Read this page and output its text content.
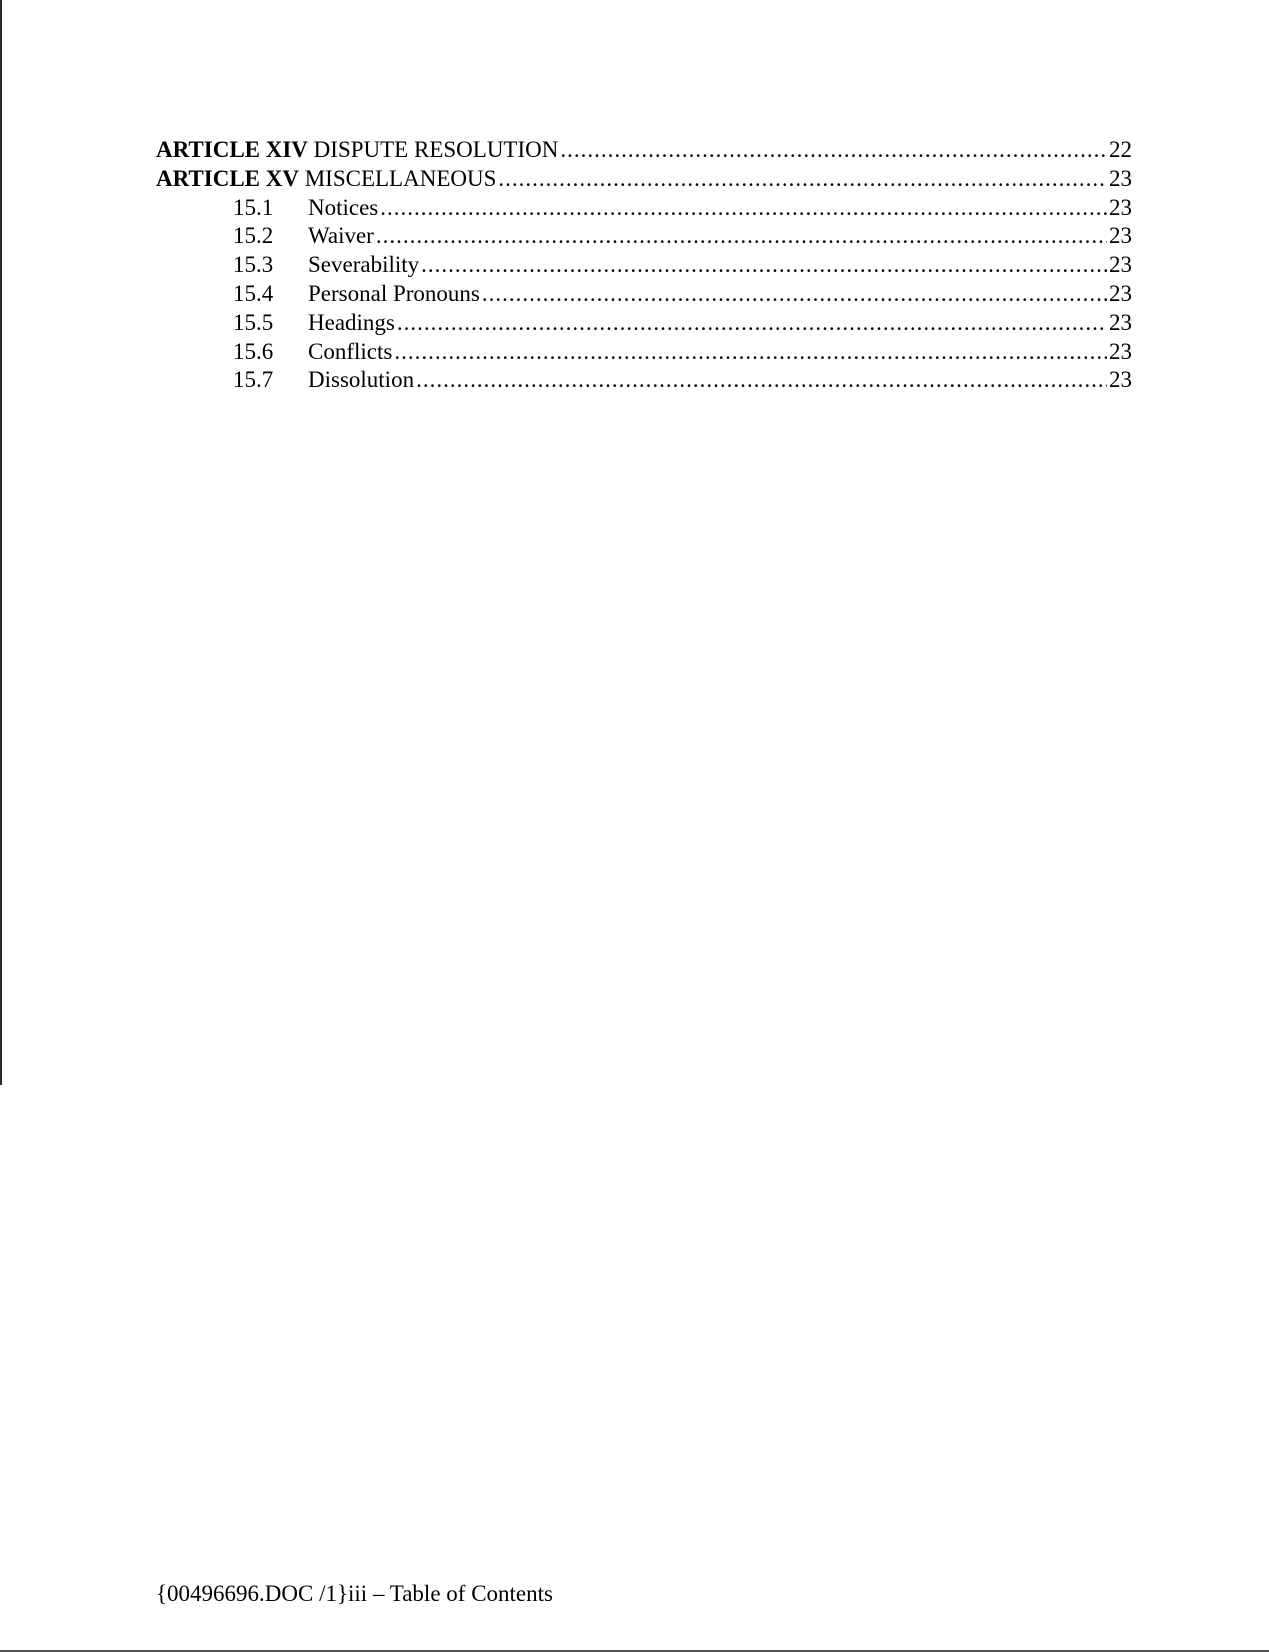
ARTICLE XIV DISPUTE RESOLUTION .....	22
ARTICLE XV MISCELLANEOUS .....	23
15.1	Notices .....	23
15.2	Waiver .....	23
15.3	Severability .....	23
15.4	Personal Pronouns .....	23
15.5	Headings .....	23
15.6	Conflicts .....	23
15.7	Dissolution .....	23
{00496696.DOC /1}iii – Table of Contents
